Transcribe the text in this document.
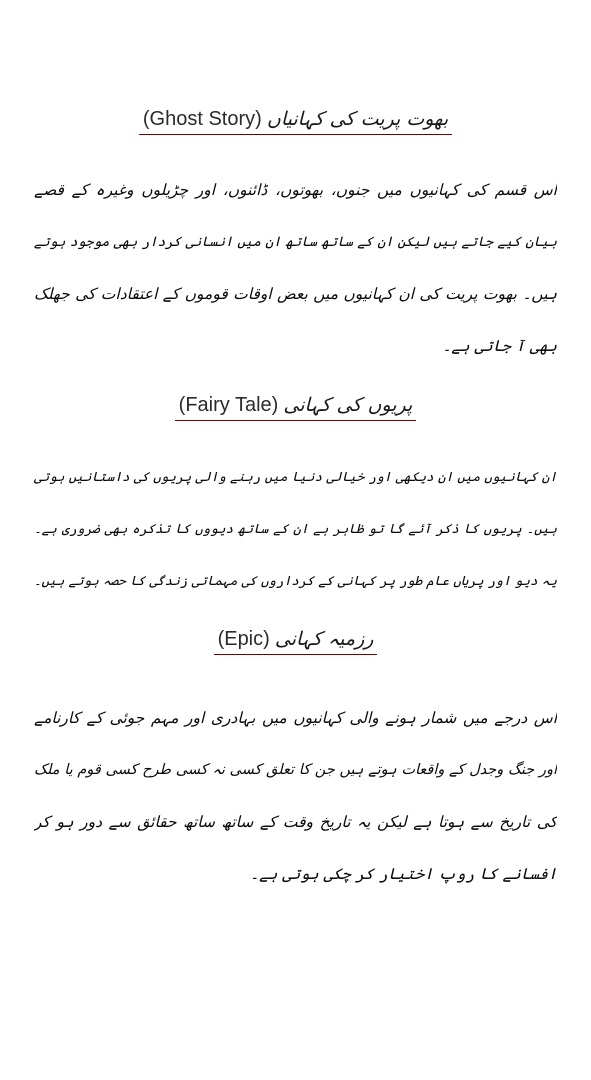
(Ghost Story) بھوت پریت کی کہانیاں
اس قسم کی کہانیوں میں جنوں، بھوتوں، ڈائنوں، اور چڑیلوں وغیرہ کے قصے
بیان کیے جاتے ہیں لیکن ان کے ساتھ ساتھ ان میں انسانی کردار بھی موجود ہوتے
ہیں۔ بھوت پریت کی ان کہانیوں میں بعض اوقات قوموں کے اعتقادات کی جھلک
بھی آ جاتی ہے۔
(Fairy Tale) پریوں کی کہانی
ان کہانیوں میں ان دیکھی اور خیالی دنیا میں رہنے والی پریوں کی داستانیں ہوتی
ہیں۔ پریوں کا ذکر آئے گا تو ظاہر ہے ان کے ساتھ دیووں کا تذکرہ بھی ضروری ہے۔
یہ دیو اور پریاں عام طور پر کہانی کے کرداروں کی مہماتی زندگی کا حصہ ہوتے ہیں۔
(Epic) رزمیہ کہانی
اس درجے میں شمار ہونے والی کہانیوں میں بہادری اور مہم جوئی کے کارنامے
اور جنگ وجدل کے واقعات ہوتے ہیں جن کا تعلق کسی نہ کسی طرح کسی قوم یا ملک
کی تاریخ سے ہوتا ہے لیکن یہ تاریخ وقت کے ساتھ ساتھ حقائق سے دور ہو کر
افسانے کا روپ اختیار کر چکی ہوتی ہے۔
